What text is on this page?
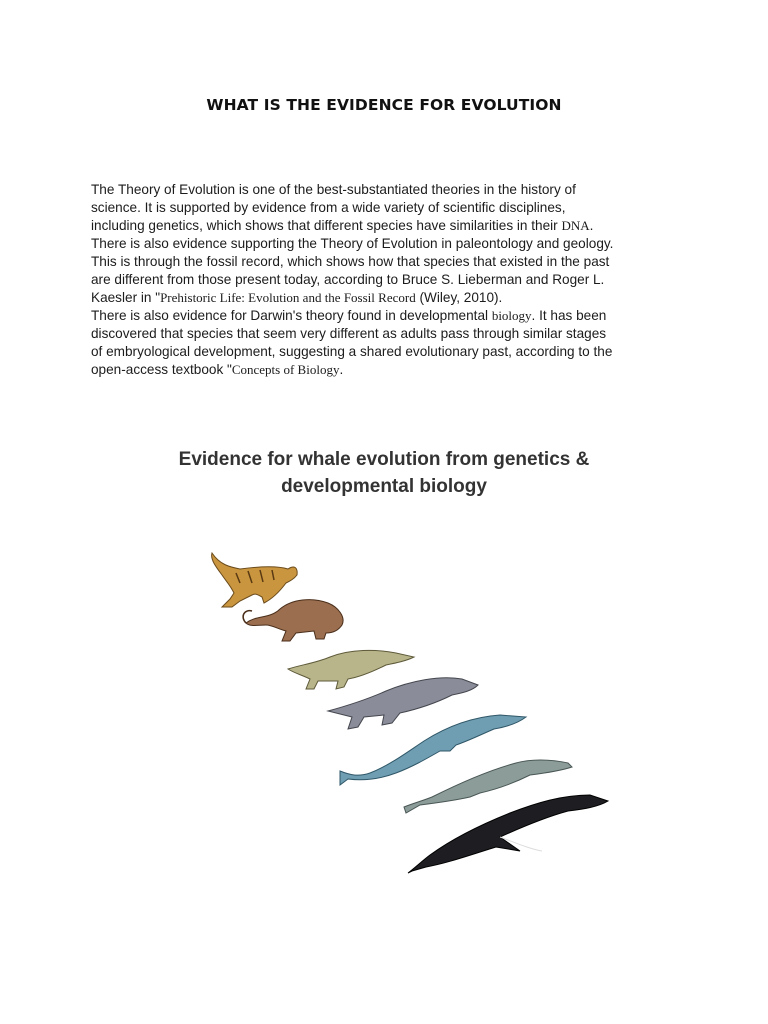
WHAT IS THE EVIDENCE FOR EVOLUTION
The Theory of Evolution is one of the best-substantiated theories in the history of
science. It is supported by evidence from a wide variety of scientific disciplines,
including genetics, which shows that different species have similarities in their DNA.
There is also evidence supporting the Theory of Evolution in paleontology and geology.
This is through the fossil record, which shows how that species that existed in the past
are different from those present today, according to Bruce S. Lieberman and Roger L.
Kaesler in "Prehistoric Life: Evolution and the Fossil Record (Wiley, 2010).
There is also evidence for Darwin's theory found in developmental biology. It has been
discovered that species that seem very different as adults pass through similar stages
of embryological development, suggesting a shared evolutionary past, according to the
open-access textbook "Concepts of Biology.
Evidence for whale evolution from genetics &
developmental biology
